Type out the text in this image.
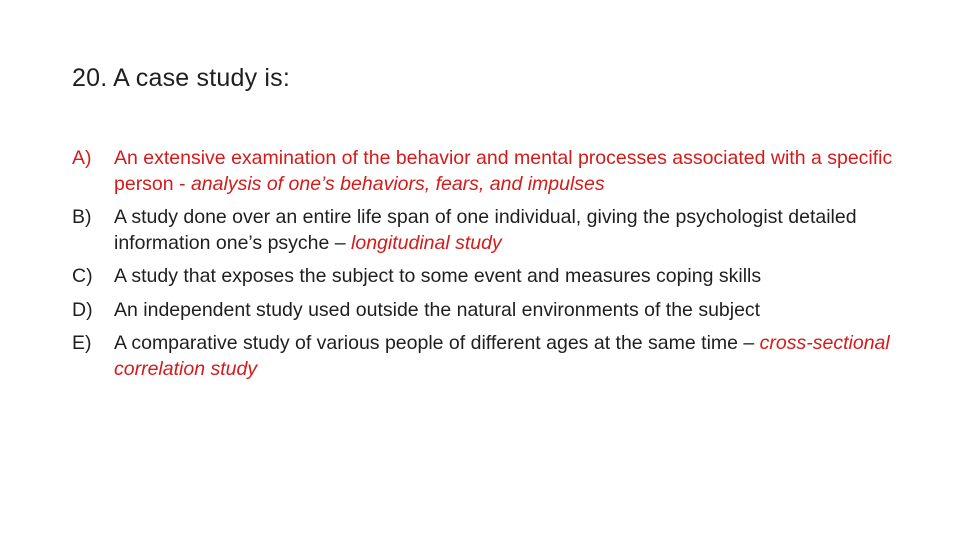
20. A case study is:
A)	An extensive examination of the behavior and mental processes associated with a specific person - analysis of one’s behaviors, fears, and impulses
B)	A study done over an entire life span of one individual, giving the psychologist detailed information one’s psyche – longitudinal study
C)	A study that exposes the subject to some event and measures coping skills
D)	An independent study used outside the natural environments of the subject
E)	A comparative study of various people of different ages at the same time – cross-sectional correlation study
